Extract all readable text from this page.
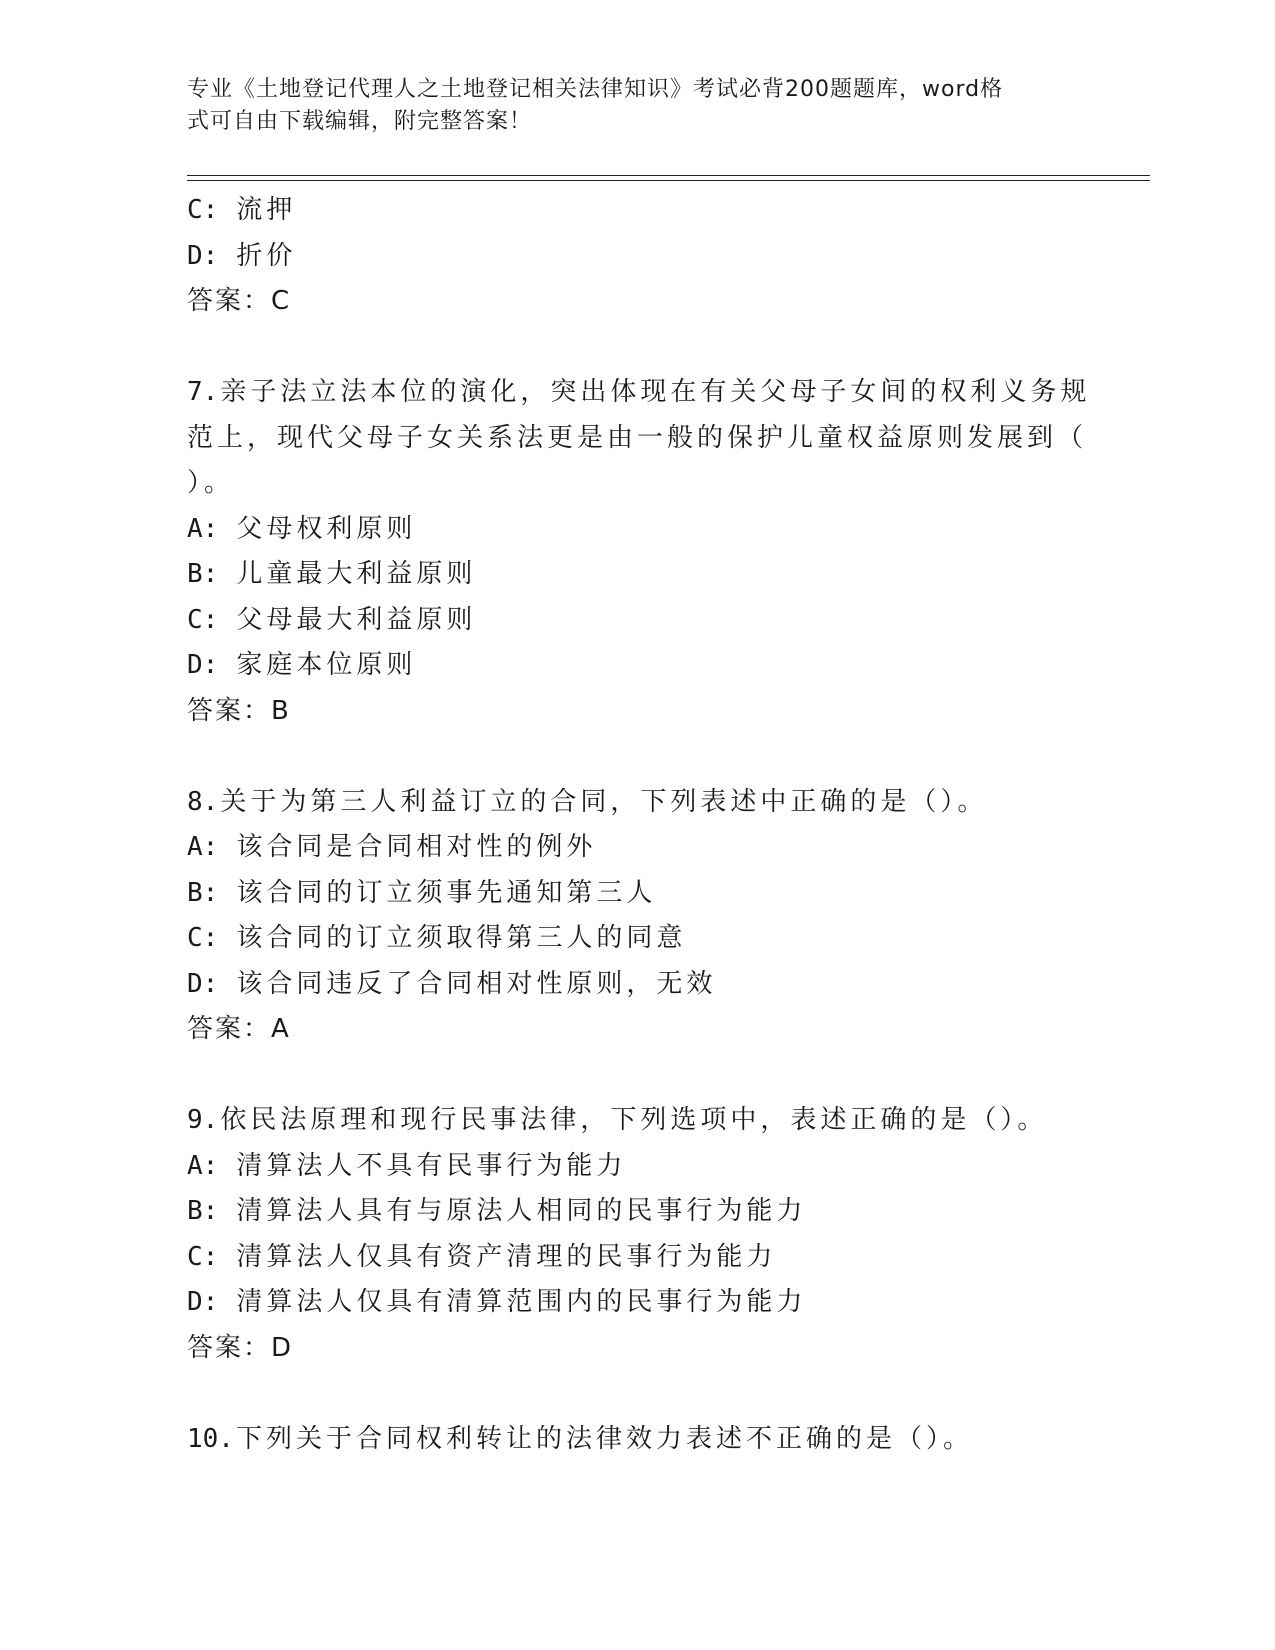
专业《土地登记代理人之土地登记相关法律知识》考试必背200题题库，word格
式可自由下载编辑，附完整答案！
C: 流押
D: 折价
答案：C
7.亲子法立法本位的演化，突出体现在有关父母子女间的权利义务规
范上，现代父母子女关系法更是由一般的保护儿童权益原则发展到（
）。
A: 父母权利原则
B: 儿童最大利益原则
C: 父母最大利益原则
D: 家庭本位原则
答案：B
8.关于为第三人利益订立的合同，下列表述中正确的是（）。
A: 该合同是合同相对性的例外
B: 该合同的订立须事先通知第三人
C: 该合同的订立须取得第三人的同意
D: 该合同违反了合同相对性原则，无效
答案：A
9.依民法原理和现行民事法律，下列选项中，表述正确的是（）。
A: 清算法人不具有民事行为能力
B: 清算法人具有与原法人相同的民事行为能力
C: 清算法人仅具有资产清理的民事行为能力
D: 清算法人仅具有清算范围内的民事行为能力
答案：D
10.下列关于合同权利转让的法律效力表述不正确的是（）。
